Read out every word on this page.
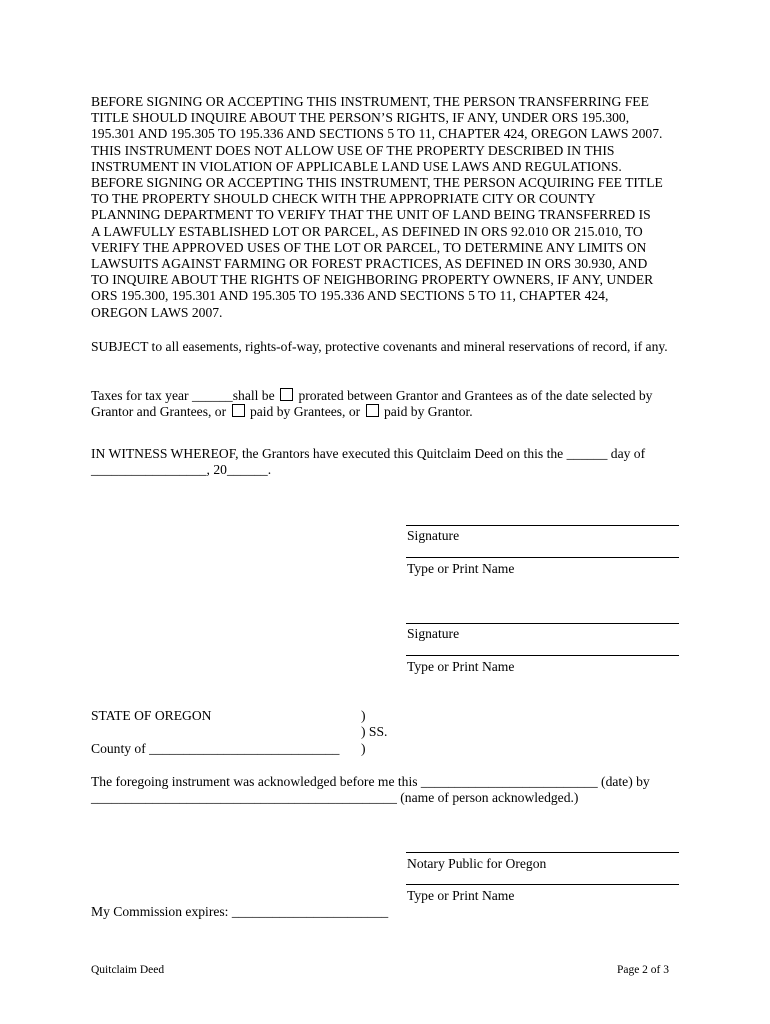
BEFORE SIGNING OR ACCEPTING THIS INSTRUMENT, THE PERSON TRANSFERRING FEE
TITLE SHOULD INQUIRE ABOUT THE PERSON’S RIGHTS, IF ANY, UNDER ORS 195.300,
195.301 AND 195.305 TO 195.336 AND SECTIONS 5 TO 11, CHAPTER 424, OREGON LAWS 2007.
THIS INSTRUMENT DOES NOT ALLOW USE OF THE PROPERTY DESCRIBED IN THIS
INSTRUMENT IN VIOLATION OF APPLICABLE LAND USE LAWS AND REGULATIONS.
BEFORE SIGNING OR ACCEPTING THIS INSTRUMENT, THE PERSON ACQUIRING FEE TITLE
TO THE PROPERTY SHOULD CHECK WITH THE APPROPRIATE CITY OR COUNTY
PLANNING DEPARTMENT TO VERIFY THAT THE UNIT OF LAND BEING TRANSFERRED IS
A LAWFULLY ESTABLISHED LOT OR PARCEL, AS DEFINED IN ORS 92.010 OR 215.010, TO
VERIFY THE APPROVED USES OF THE LOT OR PARCEL, TO DETERMINE ANY LIMITS ON
LAWSUITS AGAINST FARMING OR FOREST PRACTICES, AS DEFINED IN ORS 30.930, AND
TO INQUIRE ABOUT THE RIGHTS OF NEIGHBORING PROPERTY OWNERS, IF ANY, UNDER
ORS 195.300, 195.301 AND 195.305 TO 195.336 AND SECTIONS 5 TO 11, CHAPTER 424,
OREGON LAWS 2007.

SUBJECT to all easements, rights-of-way, protective covenants and mineral reservations of record, if any.

Taxes for tax year ______shall be  prorated between Grantor and Grantees as of the date selected by
Grantor and Grantees, or  paid by Grantees, or  paid by Grantor.
IN WITNESS WHEREOF, the Grantors have executed this Quitclaim Deed on this the ______ day of
_________________, 20______.
Signature
Type or Print Name
Signature
Type or Print Name
STATE OF OREGON	)
) SS.
)
County of ____________________________
The foregoing instrument was acknowledged before me this __________________________ (date) by
_____________________________________________ (name of person acknowledged.)
Notary Public for Oregon
Type or Print Name
My Commission expires: _______________________
Quitclaim Deed	Page 2 of 3
